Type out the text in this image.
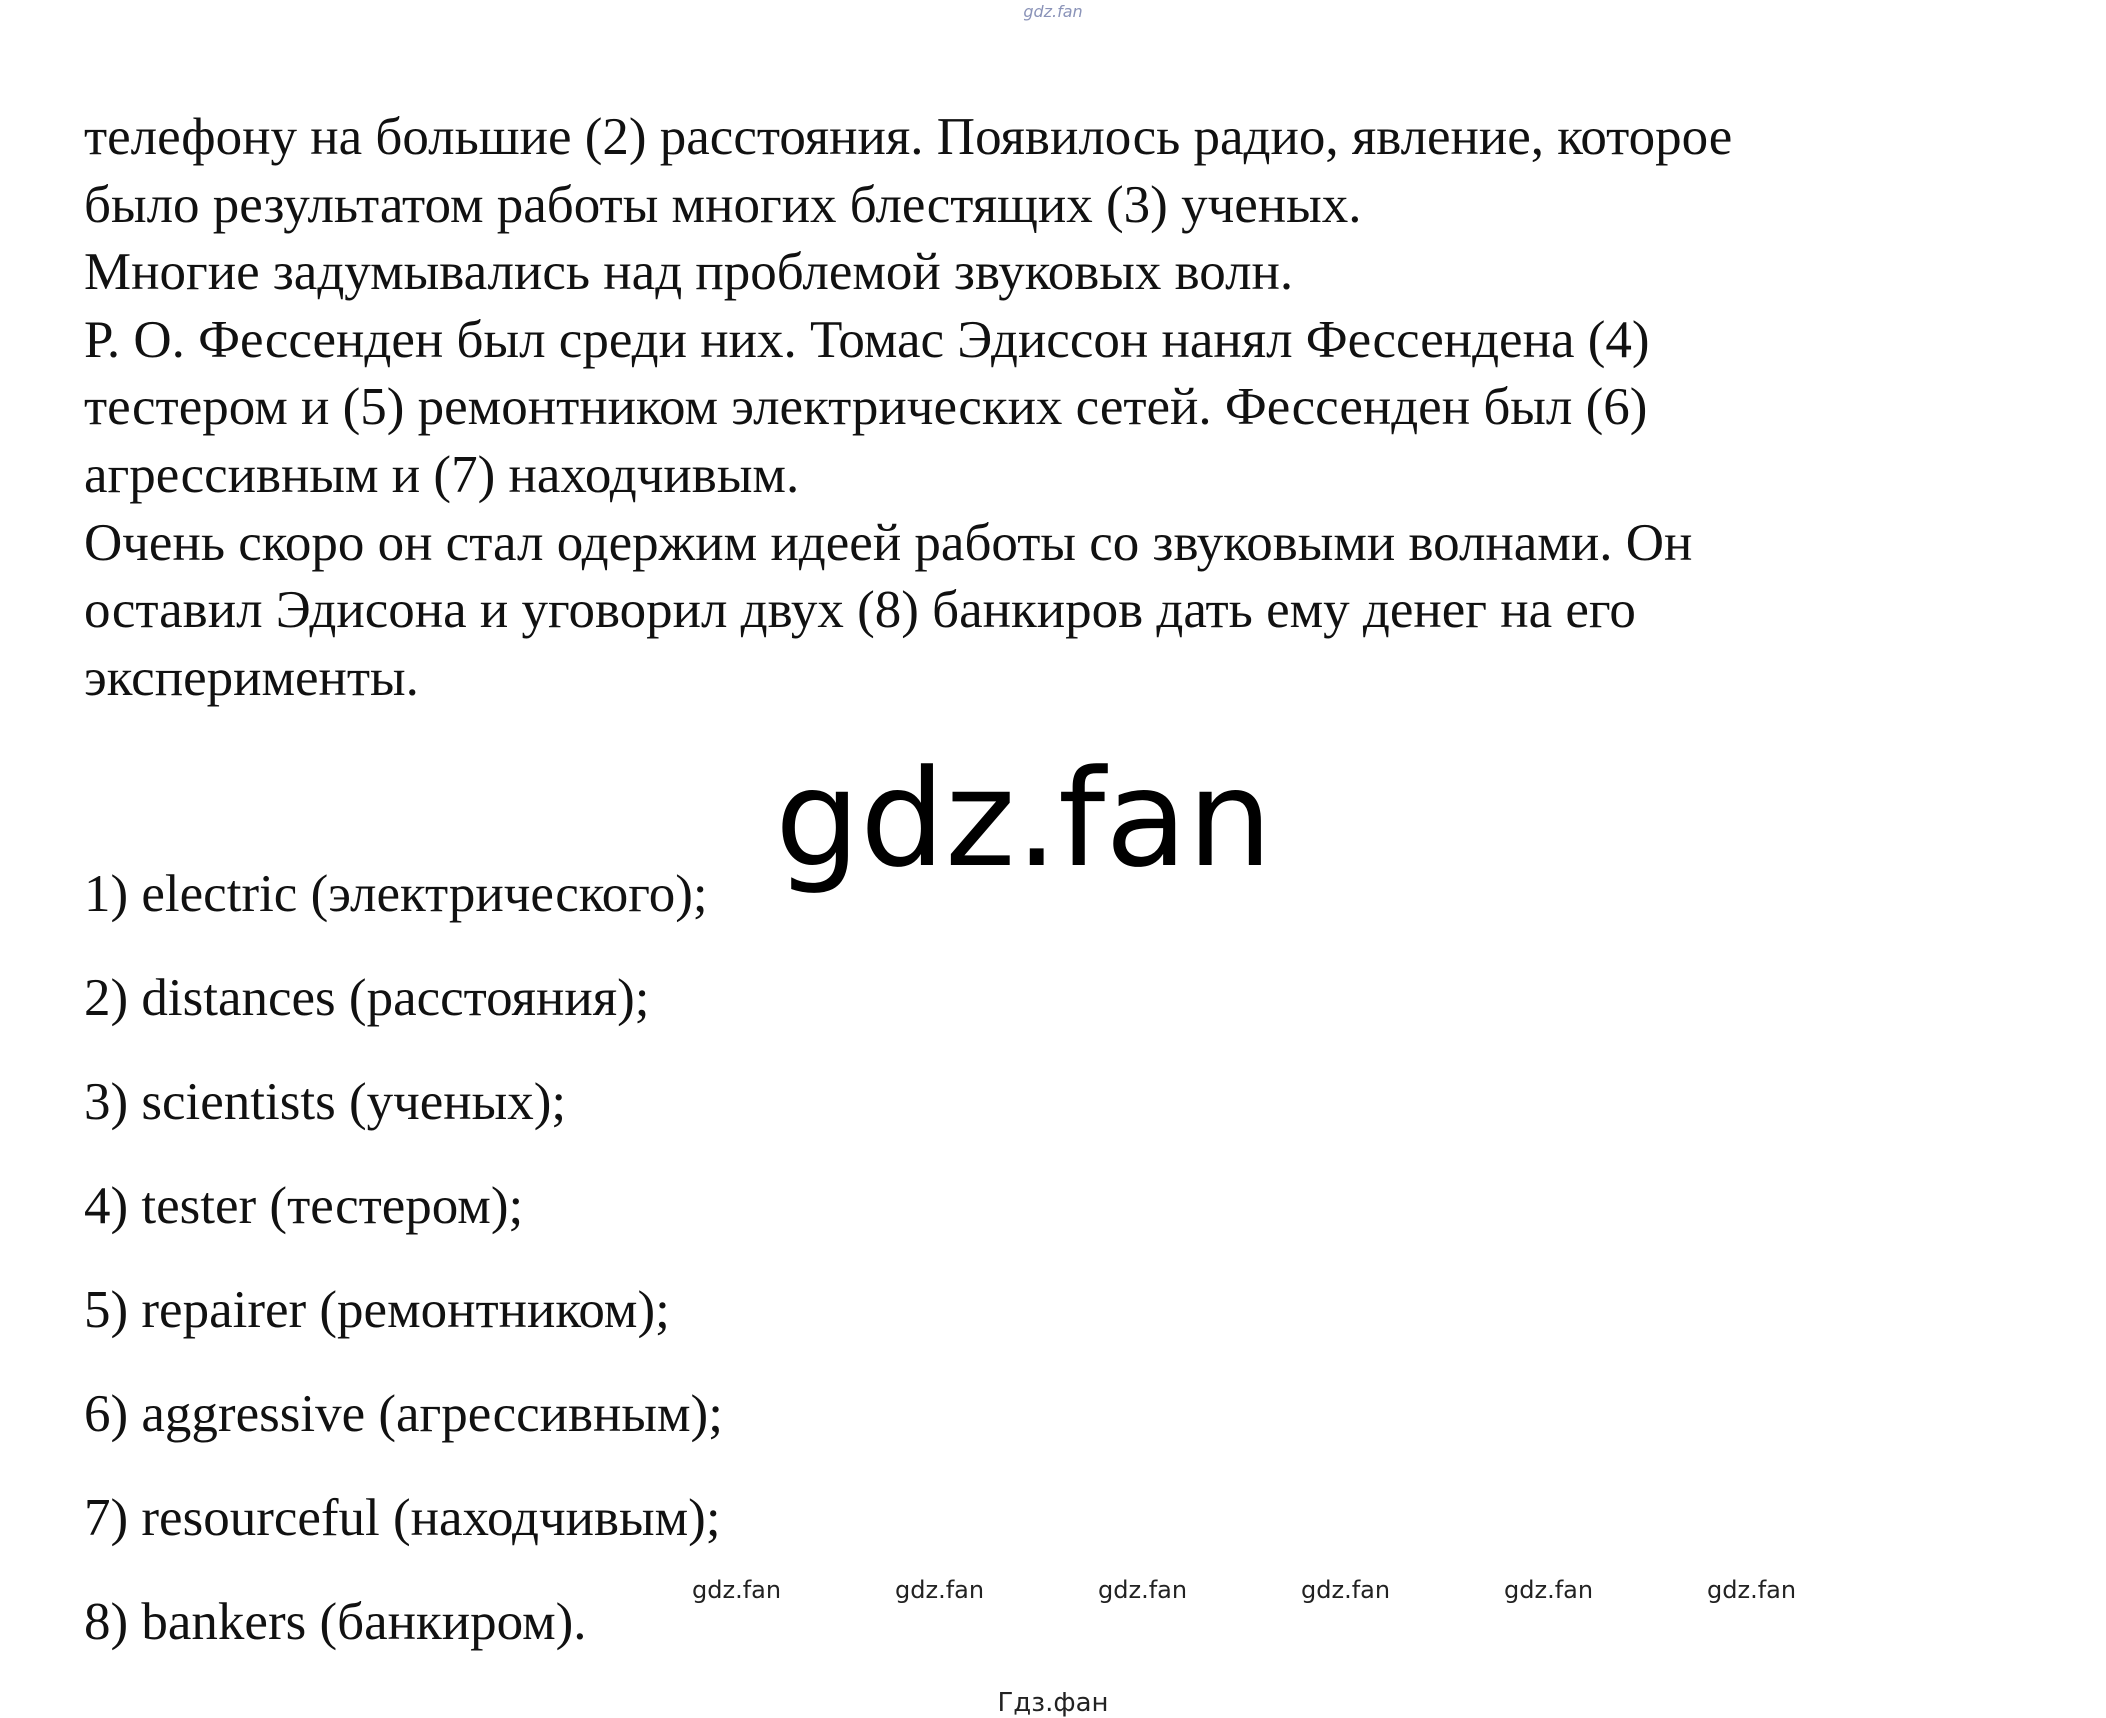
gdz.fan
телефону на большие (2) расстояния. Появилось радио, явление, которое
было результатом работы многих блестящих (3) ученых.
Многие задумывались над проблемой звуковых волн.
Р. О. Фессенден был среди них. Томас Эдиссон нанял Фессендена (4)
тестером и (5) ремонтником электрических сетей. Фессенден был (6)
агрессивным и (7) находчивым.
Очень скоро он стал одержим идеей работы со звуковыми волнами. Он
оставил Эдисона и уговорил двух (8) банкиров дать ему денег на его
эксперименты.
1) electric (электрического);
2) distances (расстояния);
3) scientists (ученых);
4) tester (тестером);
5) repairer (ремонтником);
6) aggressive (агрессивным);
7) resourceful (находчивым);
8) bankers (банкиром).
gdz.fan
gdz.fan	gdz.fan	gdz.fan	gdz.fan	gdz.fan	gdz.fan
Гдз.фан
